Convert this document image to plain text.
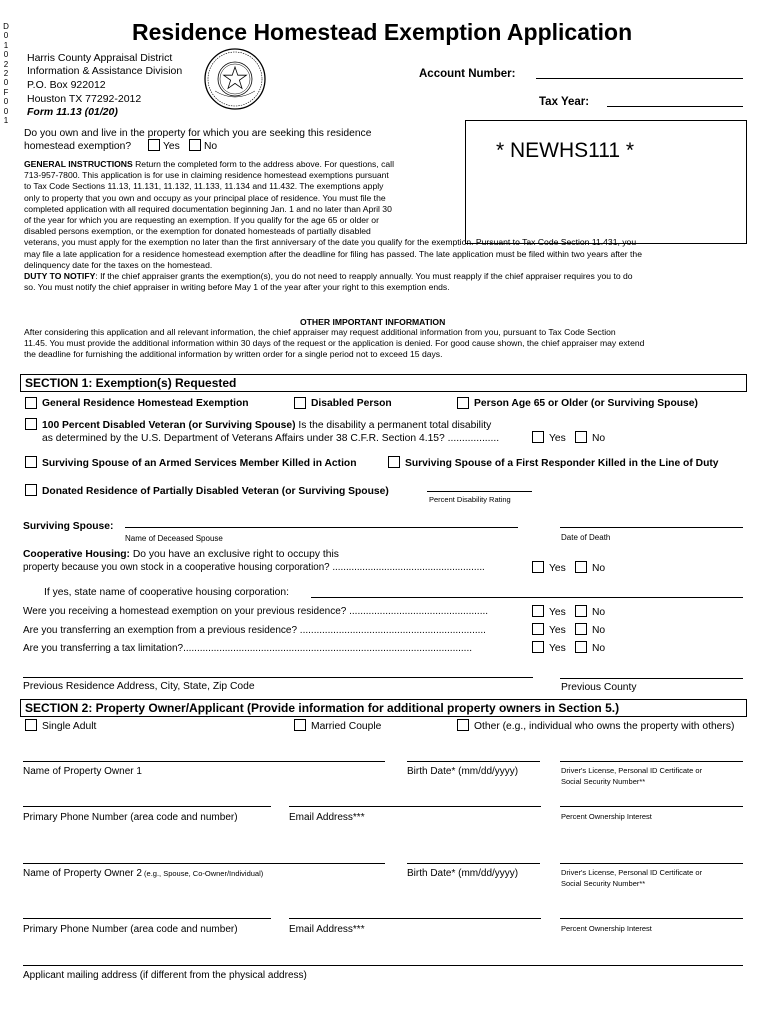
D
0
1
0
2
2
0
F
0
0
1
Residence Homestead Exemption Application
Harris County Appraisal District
Information & Assistance Division
P.O. Box 922012
Houston TX 77292-2012
Form 11.13 (01/20)
Account Number:
Tax Year:
* NEWHS111 *
Do you own and live in the property for which you are seeking this residence
homestead exemption?	Yes No
GENERAL INSTRUCTIONS Return the completed form to the address above. For questions, call
713-957-7800. This application is for use in claiming residence homestead exemptions pursuant
to Tax Code Sections 11.13, 11.131, 11.132, 11.133, 11.134 and 11.432. The exemptions apply
only to property that you own and occupy as your principal place of residence. You must file the
completed application with all required documentation beginning Jan. 1 and no later than April 30
of the year for which you are requesting an exemption. If you qualify for the age 65 or older or
disabled persons exemption, or the exemption for donated homesteads of partially disabled
veterans, you must apply for the exemption no later than the first anniversary of the date you qualify for the exemption. Pursuant to Tax Code Section 11.431, you
may file a late application for a residence homestead exemption after the deadline for filing has passed. The late application must be filed within two years after the
delinquency date for the taxes on the homestead.
DUTY TO NOTIFY: If the chief appraiser grants the exemption(s), you do not need to reapply annually. You must reapply if the chief appraiser requires you to do
so. You must notify the chief appraiser in writing before May 1 of the year after your right to this exemption ends.
OTHER IMPORTANT INFORMATION
After considering this application and all relevant information, the chief appraiser may request additional information from you, pursuant to Tax Code Section
11.45. You must provide the additional information within 30 days of the request or the application is denied. For good cause shown, the chief appraiser may extend
the deadline for furnishing the additional information by written order for a single period not to exceed 15 days.
SECTION 1: Exemption(s) Requested
General Residence Homestead Exemption	Disabled Person	Person Age 65 or Older (or Surviving Spouse)
100 Percent Disabled Veteran (or Surviving Spouse) Is the disability a permanent total disability
as determined by the U.S. Department of Veterans Affairs under 38 C.F.R. Section 4.15? ..................	Yes	No
Surviving Spouse of an Armed Services Member Killed in Action	Surviving Spouse of a First Responder Killed in the Line of Duty
Donated Residence of Partially Disabled Veteran (or Surviving Spouse)
Percent Disability Rating
Surviving Spouse:
Name of Deceased Spouse	Date of Death
Cooperative Housing: Do you have an exclusive right to occupy this
property because you own stock in a cooperative housing corporation? ........................................................	Yes	No
If yes, state name of cooperative housing corporation:
Were you receiving a homestead exemption on your previous residence? ..................................................	Yes	No
Are you transferring an exemption from a previous residence? ...................................................................	Yes	No
Are you transferring a tax limitation?........................................................................................................	Yes	No
Previous Residence Address, City, State, Zip Code	Previous County
SECTION 2: Property Owner/Applicant (Provide information for additional property owners in Section 5.)
Single Adult	Married Couple	Other (e.g., individual who owns the property with others)
Name of Property Owner 1	Birth Date* (mm/dd/yyyy)	Driver's License, Personal ID Certificate or
Social Security Number**
Primary Phone Number (area code and number)	Email Address***	Percent Ownership Interest
Name of Property Owner 2 (e.g., Spouse, Co-Owner/Individual)	Birth Date* (mm/dd/yyyy)	Driver's License, Personal ID Certificate or
Social Security Number**
Primary Phone Number (area code and number)	Email Address***	Percent Ownership Interest
Applicant mailing address (if different from the physical address)
